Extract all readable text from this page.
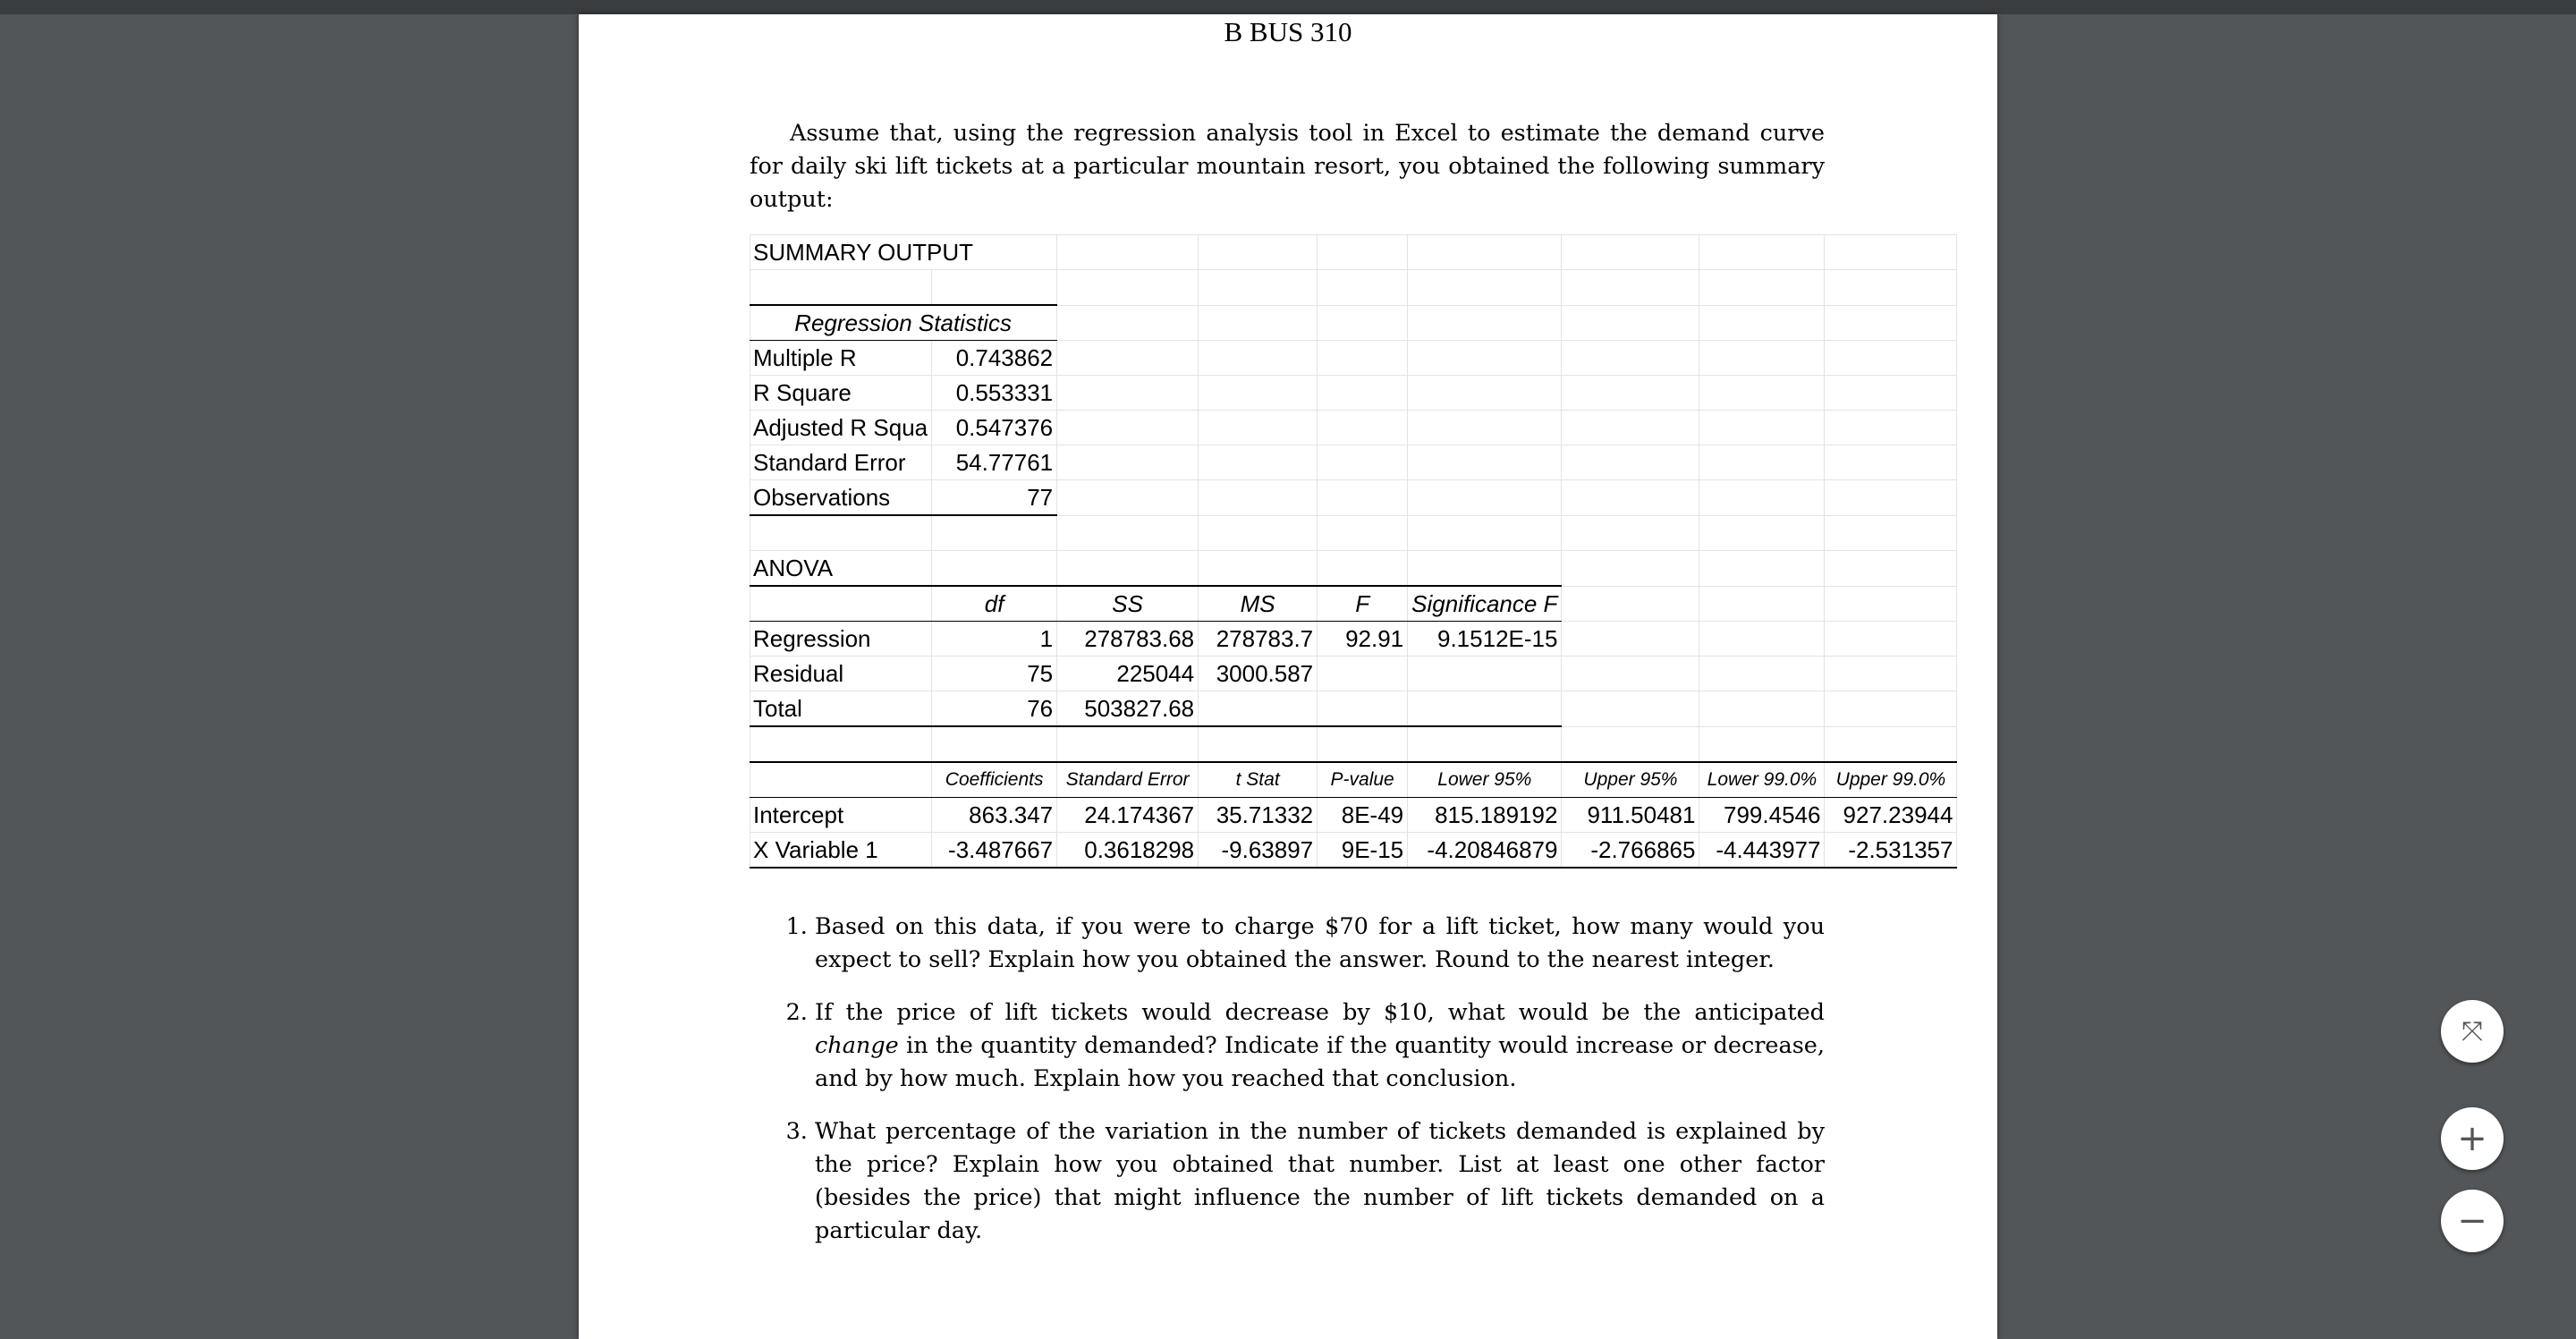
B BUS 310

Assume that, using the regression analysis tool in Excel to estimate the demand curve for daily ski lift tickets at a particular mountain resort, you obtained the following summary output:

SUMMARY OUTPUT								

Regression Statistics								
Multiple R	0.743862							
R Square	0.553331							
Adjusted R Squa	0.547376							
Standard Error	54.77761							
Observations	77							

ANOVA								
	df	SS	MS	F	Significance F			
Regression	1	278783.68	278783.7	92.91	9.1512E-15			
Residual	75	225044	3000.587					
Total	76	503827.68						

	Coefficients	Standard Error	t Stat	P-value	Lower 95%	Upper 95%	Lower 99.0%	Upper 99.0%
Intercept	863.347	24.174367	35.71332	8E-49	815.189192	911.50481	799.4546	927.23944
X Variable 1	-3.487667	0.3618298	-9.63897	9E-15	-4.20846879	-2.766865	-4.443977	-2.531357
1. Based on this data, if you were to charge $70 for a lift ticket, how many would you expect to sell? Explain how you obtained the answer. Round to the nearest integer.
2. If the price of lift tickets would decrease by $10, what would be the anticipated change in the quantity demanded? Indicate if the quantity would increase or decrease, and by how much. Explain how you reached that conclusion.
3. What percentage of the variation in the number of tickets demanded is explained by the price? Explain how you obtained that number. List at least one other factor (besides the price) that might influence the number of lift tickets demanded on a particular day.
⤧
+
−
